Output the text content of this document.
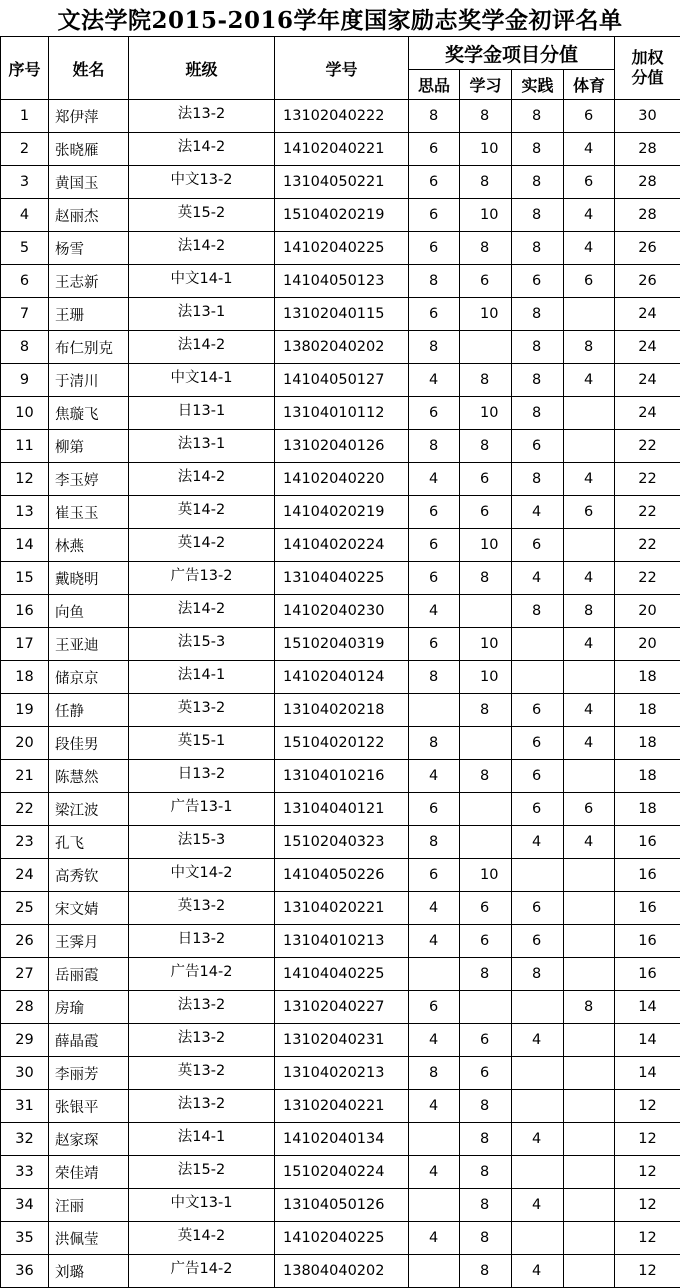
文法学院2015-2016学年度国家励志奖学金初评名单
序号	姓名	班级	学号	奖学金项目分值				加权
分值

				思品	学习	实践	体育	
1	郑伊萍	法13-2	13102040222	8	8	8	6	30
2	张晓雁	法14-2	14102040221	6	10	8	4	28
3	黄国玉	中文13-2	13104050221	6	8	8	6	28
4	赵丽杰	英15-2	15104020219	6	10	8	4	28
5	杨雪	法14-2	14102040225	6	8	8	4	26
6	王志新	中文14-1	14104050123	8	6	6	6	26
7	王珊	法13-1	13102040115	6	10	8		24
8	布仁别克	法14-2	13802040202	8		8	8	24
9	于清川	中文14-1	14104050127	4	8	8	4	24
10	焦璇飞	日13-1	13104010112	6	10	8		24
11	柳第	法13-1	13102040126	8	8	6		22
12	李玉婷	法14-2	14102040220	4	6	8	4	22
13	崔玉玉	英14-2	14104020219	6	6	4	6	22
14	林燕	英14-2	14104020224	6	10	6		22
15	戴晓明	广告13-2	13104040225	6	8	4	4	22
16	向鱼	法14-2	14102040230	4		8	8	20
17	王亚迪	法15-3	15102040319	6	10		4	20
18	储京京	法14-1	14102040124	8	10			18
19	任静	英13-2	13104020218		8	6	4	18
20	段佳男	英15-1	15104020122	8		6	4	18
21	陈慧然	日13-2	13104010216	4	8	6		18
22	梁江波	广告13-1	13104040121	6		6	6	18
23	孔飞	法15-3	15102040323	8		4	4	16
24	高秀钦	中文14-2	14104050226	6	10			16
25	宋文婧	英13-2	13104020221	4	6	6		16
26	王霁月	日13-2	13104010213	4	6	6		16
27	岳丽霞	广告14-2	14104040225		8	8		16
28	房瑜	法13-2	13102040227	6			8	14
29	薛晶霞	法13-2	13102040231	4	6	4		14
30	李丽芳	英13-2	13104020213	8	6			14
31	张银平	法13-2	13102040221	4	8			12
32	赵家琛	法14-1	14102040134		8	4		12
33	荣佳靖	法15-2	15102040224	4	8			12
34	汪丽	中文13-1	13104050126		8	4		12
35	洪佩莹	英14-2	14102040225	4	8			12
36	刘璐	广告14-2	13804040202		8	4		12
